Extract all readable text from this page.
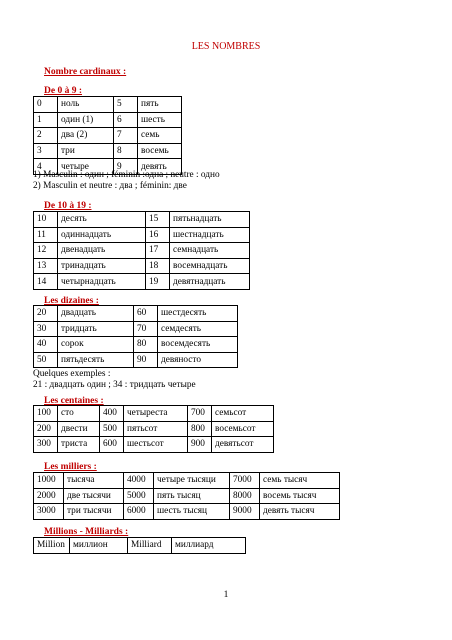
LES NOMBRES
Nombre cardinaux :
De 0 à 9 :
0	ноль	5	пять
1	один (1)	6	шесть
2	два (2)	7	семь
3	три	8	восемь
4	четыре	9	девять
1) Masculin : один ; féminin :одна ; neutre : одно
2) Masculin et neutre : два ; féminin: две
De 10 à 19 :
10	десять	15	пятьнадцать
11	одиннадцать	16	шестнадцать
12	двенадцать	17	семнадцать
13	тринадцать	18	восемнадцать
14	четырнадцать	19	девятнадцать
Les dizaines :
20	двадцать	60	шестдесять
30	тридцать	70	семдесять
40	сорок	80	восемдесять
50	пятьдесять	90	девяносто
Quelques exemples :
21 : двадцать один ; 34 : тридцать четыре
Les centaines :
100	сто	400	четыреста	700	семьсот
200	двести	500	пятьсот	800	восемьсот
300	триста	600	шестьсот	900	девятьсот
Les milliers :
1000	тысяча	4000	четыре тысяци	7000	семь тысяч
2000	две тысячи	5000	пять тысяц	8000	восемь тысяч
3000	три тысячи	6000	шесть тысяц	9000	девять тысяч
Millions - Milliards :
Million	миллион	Milliard	миллиард
1
